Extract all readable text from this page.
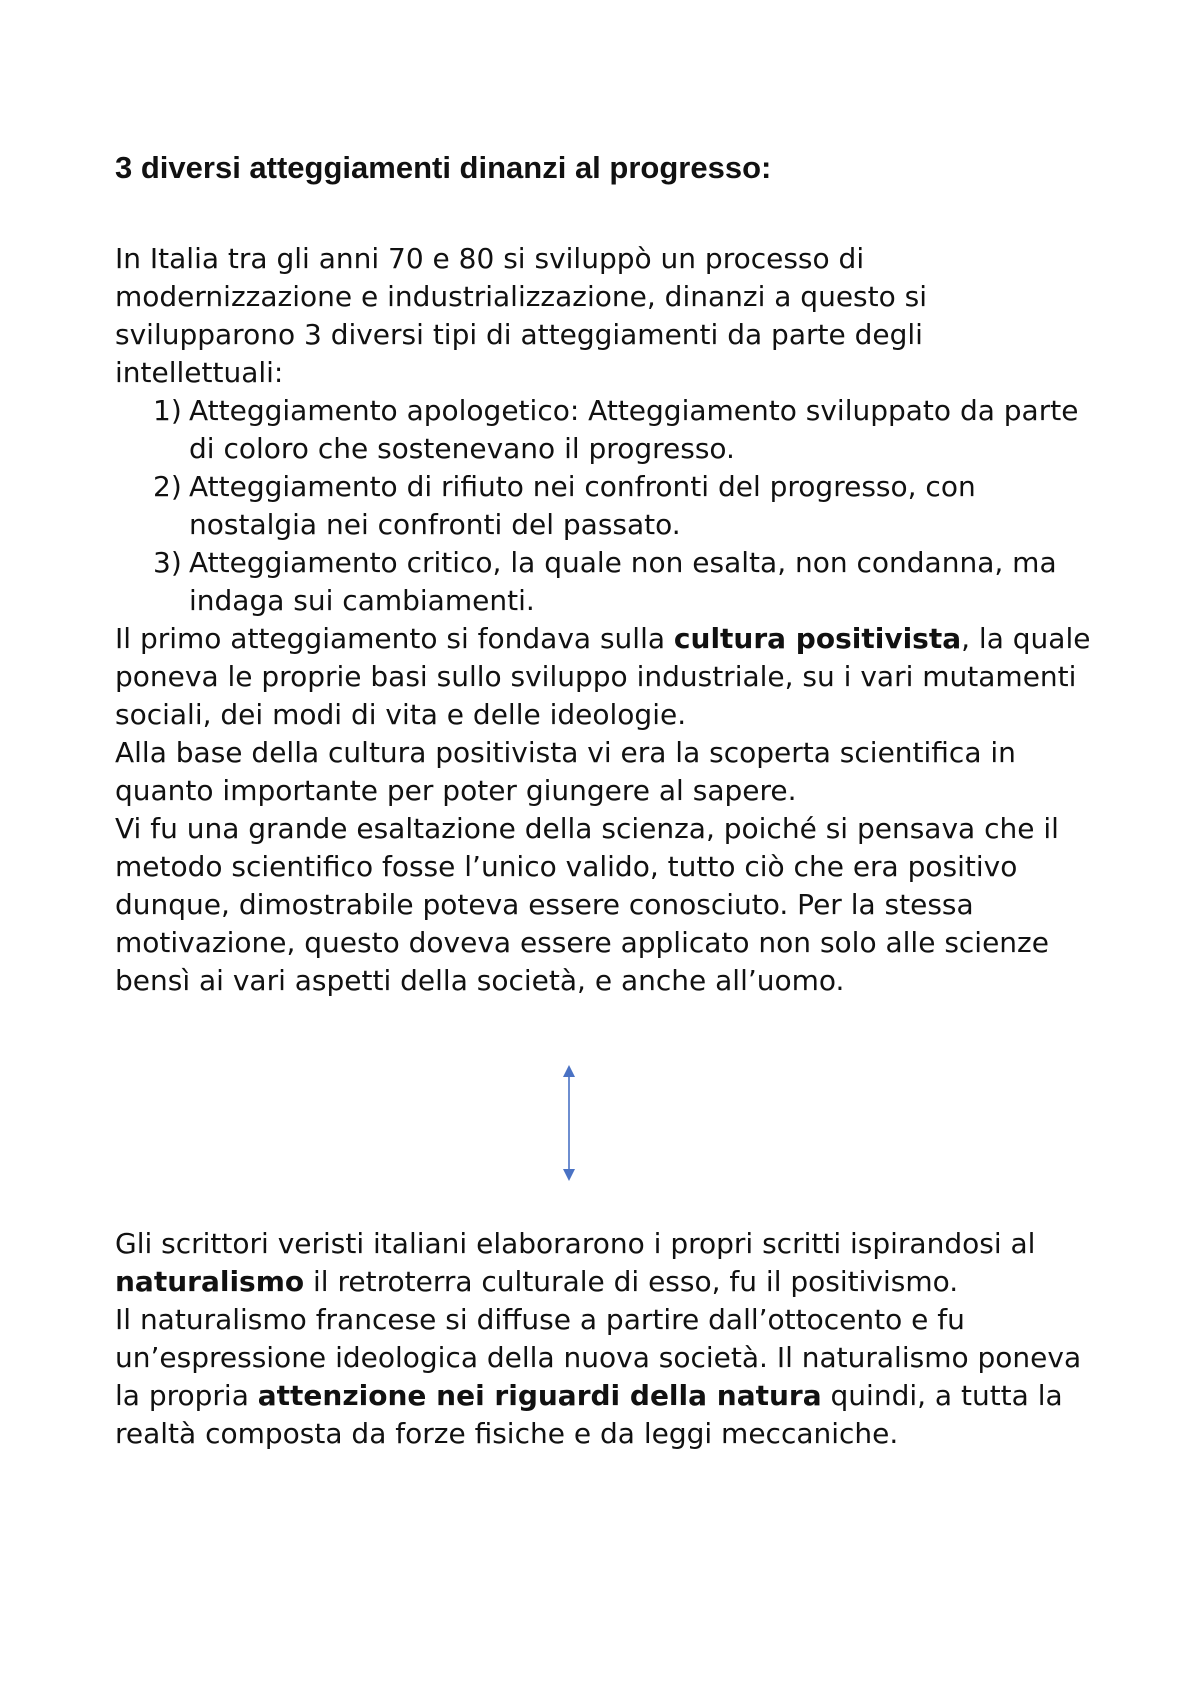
3 diversi atteggiamenti dinanzi al progresso:

In Italia tra gli anni 70 e 80 si sviluppò un processo di modernizzazione e industrializzazione, dinanzi a questo si svilupparono 3 diversi tipi di atteggiamenti da parte degli intellettuali:

1) Atteggiamento apologetico: Atteggiamento sviluppato da parte di coloro che sostenevano il progresso.
2) Atteggiamento di rifiuto nei confronti del progresso, con nostalgia nei confronti del passato.
3) Atteggiamento critico, la quale non esalta, non condanna, ma indaga sui cambiamenti.

Il primo atteggiamento si fondava sulla cultura positivista, la quale poneva le proprie basi sullo sviluppo industriale, su i vari mutamenti sociali, dei modi di vita e delle ideologie.

Alla base della cultura positivista vi era la scoperta scientifica in quanto importante per poter giungere al sapere.

Vi fu una grande esaltazione della scienza, poiché si pensava che il metodo scientifico fosse l’unico valido, tutto ciò che era positivo dunque, dimostrabile poteva essere conosciuto. Per la stessa motivazione, questo doveva essere applicato non solo alle scienze bensì ai vari aspetti della società, e anche all’uomo.

Gli scrittori veristi italiani elaborarono i propri scritti ispirandosi al naturalismo il retroterra culturale di esso, fu il positivismo.

Il naturalismo francese si diffuse a partire dall’ottocento e fu un’espressione ideologica della nuova società. Il naturalismo poneva la propria attenzione nei riguardi della natura quindi, a tutta la realtà composta da forze fisiche e da leggi meccaniche.
